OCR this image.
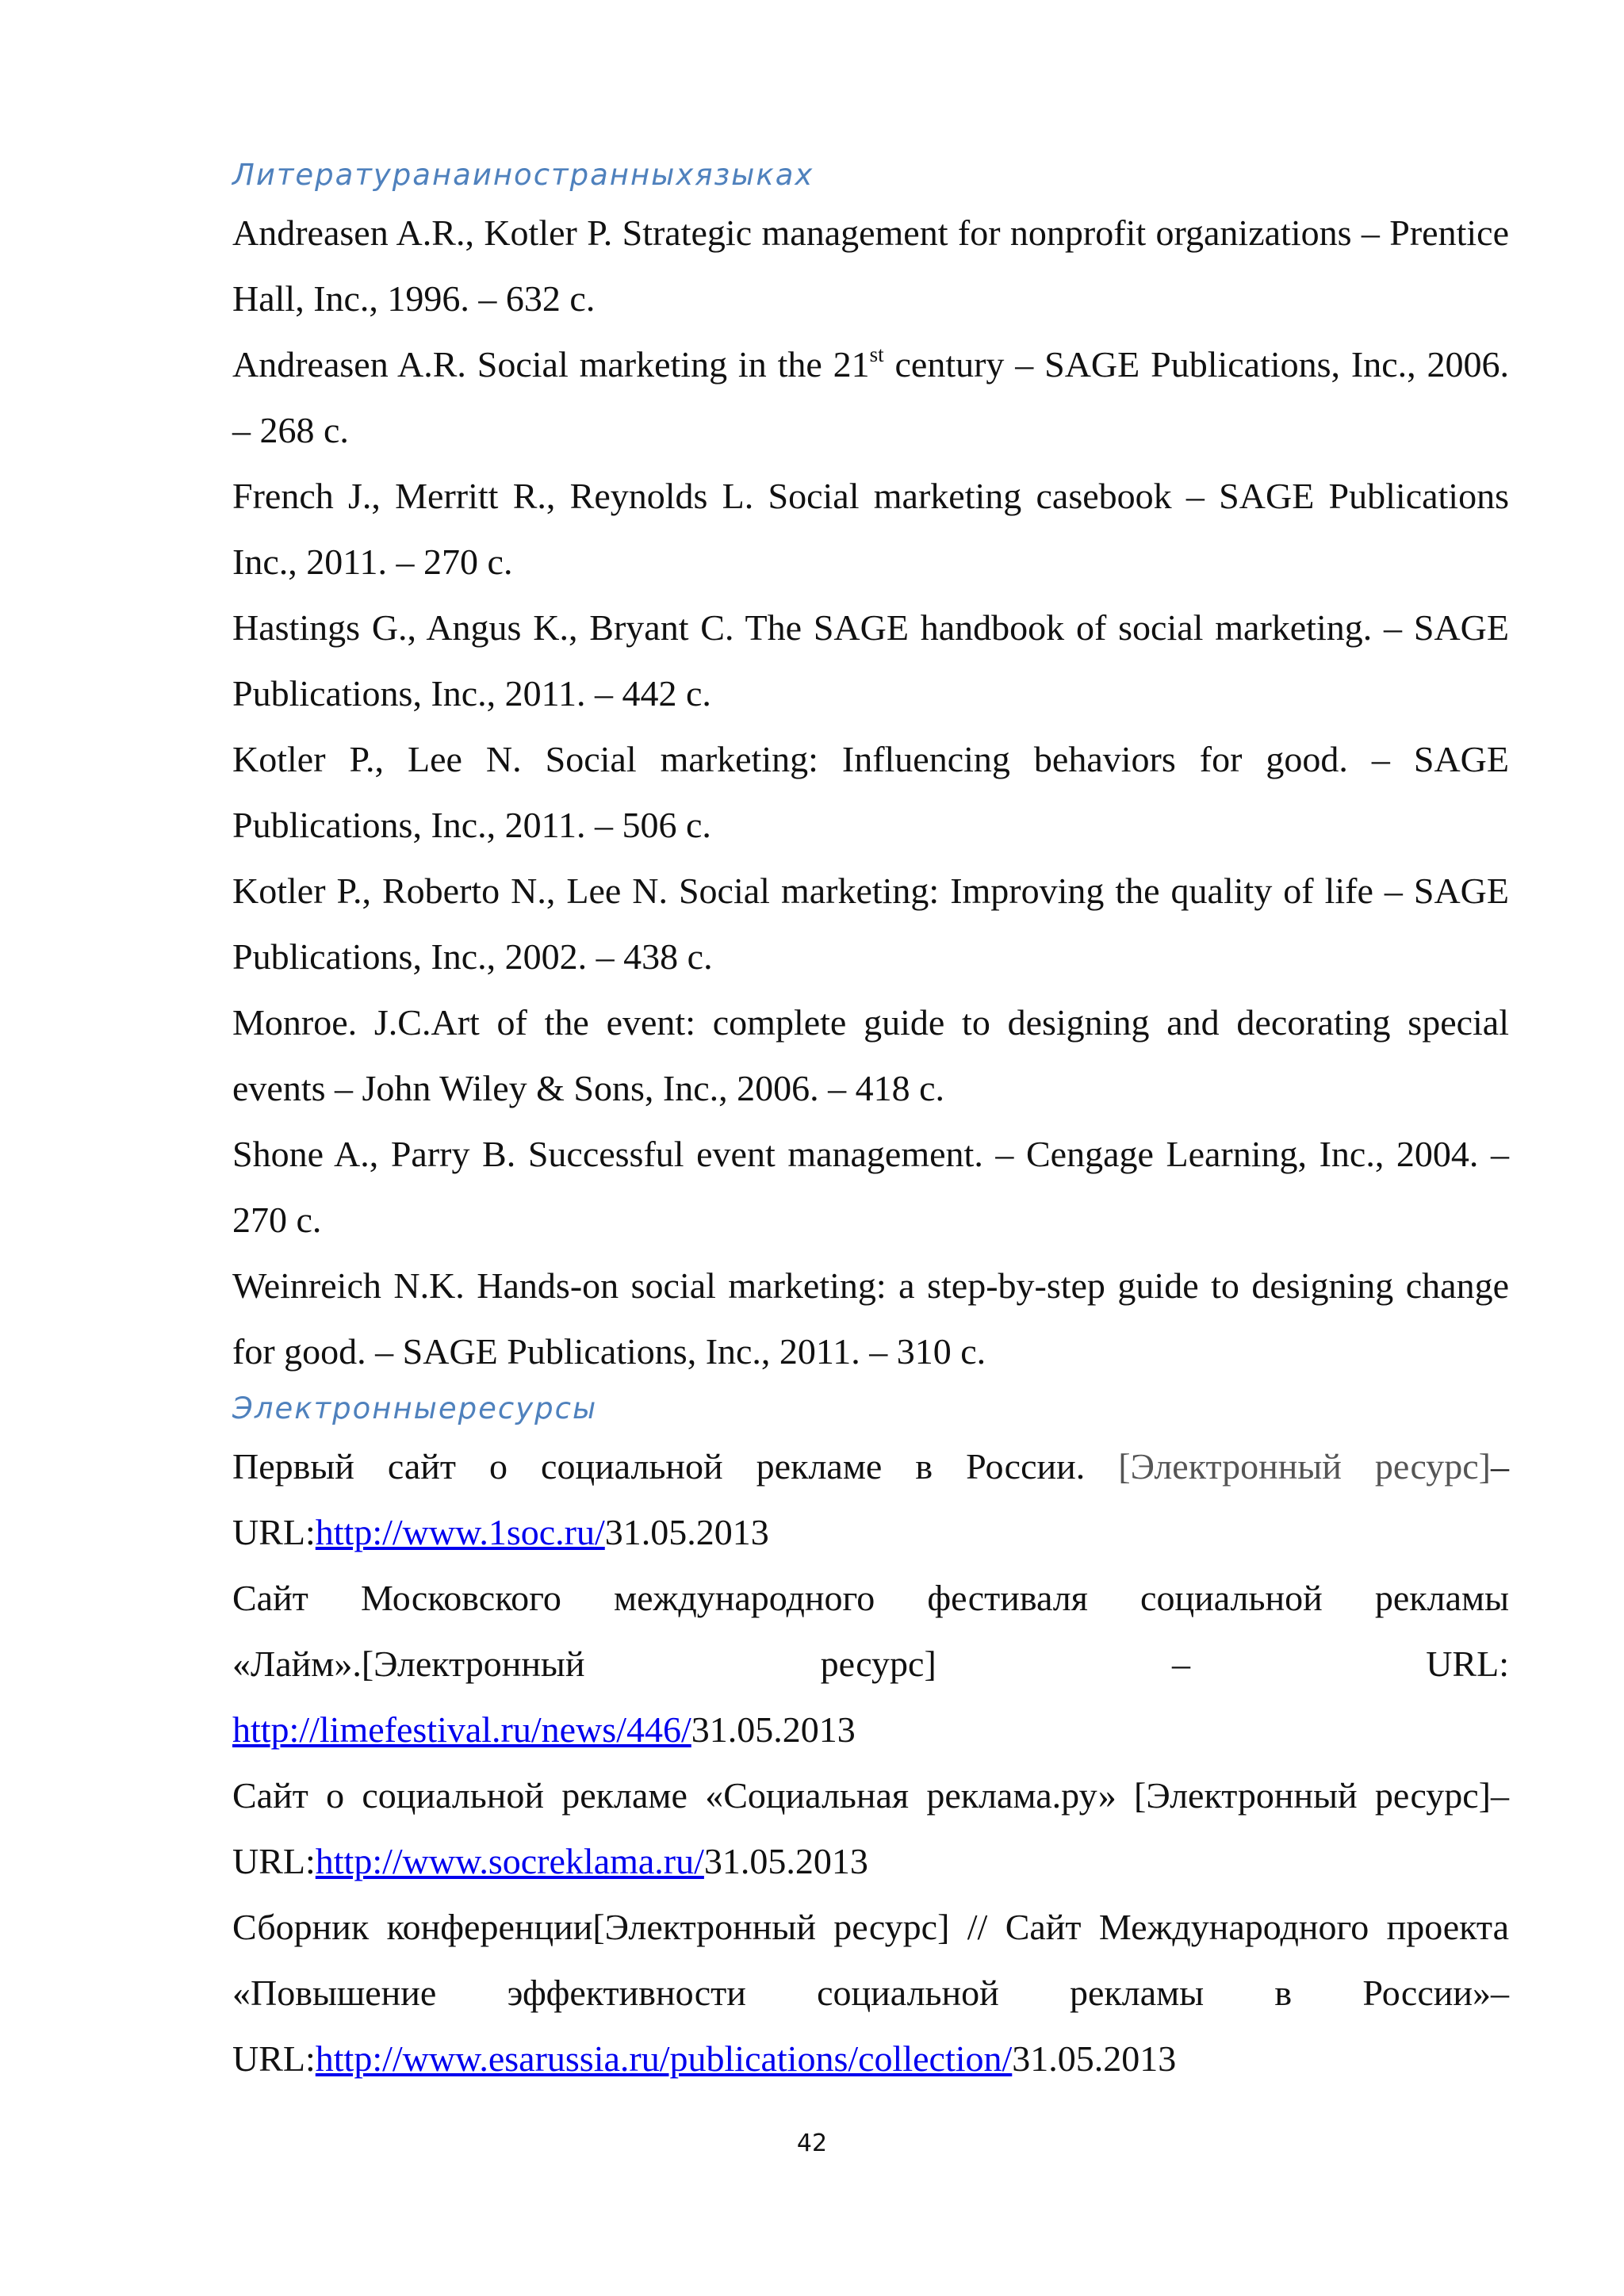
Литературанаиностранныхязыках

Andreasen A.R., Kotler P. Strategic management for nonprofit organizations – Prentice Hall, Inc., 1996. – 632 с.

Andreasen A.R. Social marketing in the 21st century – SAGE Publications, Inc., 2006. – 268 с.

French J., Merritt R., Reynolds L. Social marketing casebook – SAGE Publications Inc., 2011. – 270 с.

Hastings G., Angus K., Bryant C. The SAGE handbook of social marketing. – SAGE Publications, Inc., 2011. – 442 с.

Kotler P., Lee N. Social marketing: Influencing behaviors for good. – SAGE Publications, Inc., 2011. – 506 с.

Kotler P., Roberto N., Lee N. Social marketing: Improving the quality of life – SAGE Publications, Inc., 2002. – 438 с.

Monroe. J.C.Art of the event: complete guide to designing and decorating special events – John Wiley & Sons, Inc., 2006. – 418 с.

Shone A., Parry B. Successful event management. – Cengage Learning, Inc., 2004. – 270 с.

Weinreich N.K. Hands-on social marketing: a step-by-step guide to designing change for good. – SAGE Publications, Inc., 2011. – 310 с.

Электронныересурсы

Первый сайт о социальной рекламе в России. [Электронный ресурс]– URL:http://www.1soc.ru/31.05.2013

Сайт Московского международного фестиваля социальной рекламы

«Лайм».[Электронный ресурс] – URL:

http://limefestival.ru/news/446/31.05.2013

Сайт о социальной рекламе «Социальная реклама.ру» [Электронный ресурс]–URL:http://www.socreklama.ru/31.05.2013

Сборник конференции[Электронный ресурс] // Сайт Международного проекта «Повышение эффективности социальной рекламы в России»–URL:http://www.esarussia.ru/publications/collection/31.05.2013

42
